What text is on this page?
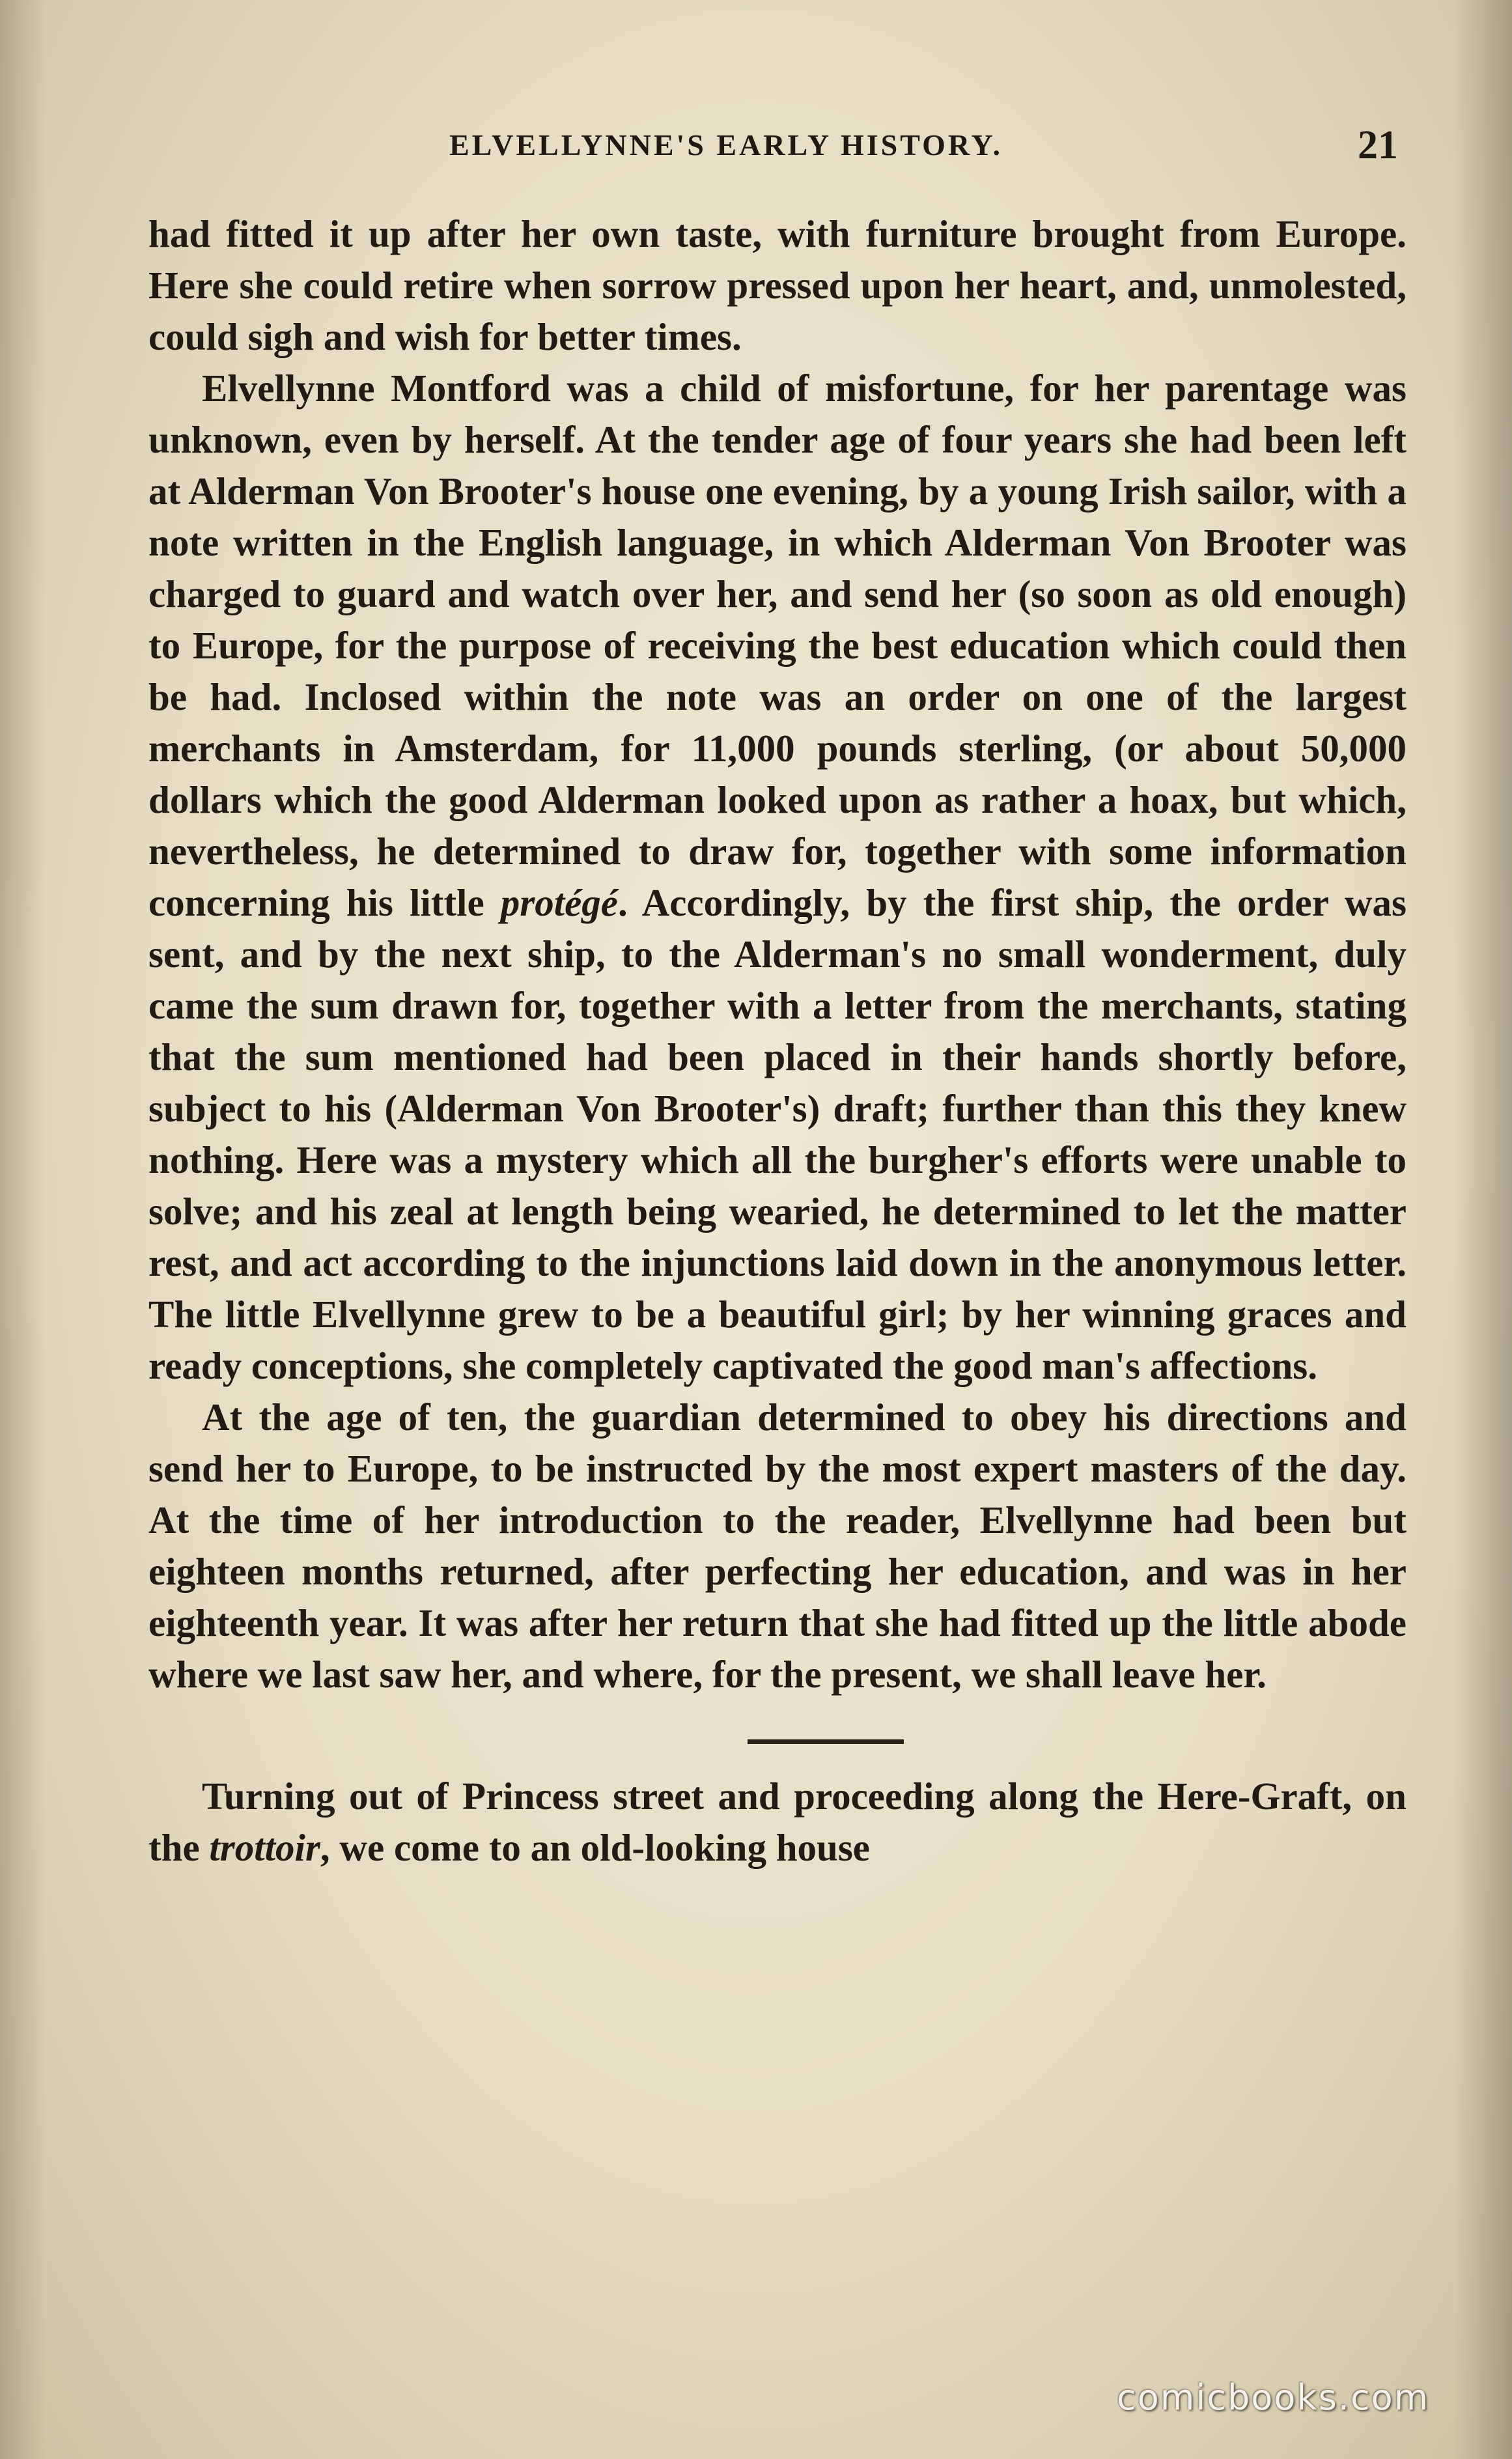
ELVELLYNNE'S EARLY HISTORY.	21

had fitted it up after her own taste, with furniture brought from Europe. Here she could retire when sorrow pressed upon her heart, and, unmolested, could sigh and wish for better times.

Elvellynne Montford was a child of misfortune, for her parentage was unknown, even by herself. At the tender age of four years she had been left at Alderman Von Brooter's house one evening, by a young Irish sailor, with a note written in the English language, in which Alderman Von Brooter was charged to guard and watch over her, and send her (so soon as old enough) to Europe, for the purpose of receiving the best education which could then be had. Inclosed within the note was an order on one of the largest merchants in Amsterdam, for 11,000 pounds sterling, (or about 50,000 dollars which the good Alderman looked upon as rather a hoax, but which, nevertheless, he determined to draw for, together with some information concerning his little protégé. Accordingly, by the first ship, the order was sent, and by the next ship, to the Alderman's no small wonderment, duly came the sum drawn for, together with a letter from the merchants, stating that the sum mentioned had been placed in their hands shortly before, subject to his (Alderman Von Brooter's) draft; further than this they knew nothing. Here was a mystery which all the burgher's efforts were unable to solve; and his zeal at length being wearied, he determined to let the matter rest, and act according to the injunctions laid down in the anonymous letter. The little Elvellynne grew to be a beautiful girl; by her winning graces and ready conceptions, she completely captivated the good man's affections.

At the age of ten, the guardian determined to obey his directions and send her to Europe, to be instructed by the most expert masters of the day. At the time of her introduction to the reader, Elvellynne had been but eighteen months returned, after perfecting her education, and was in her eighteenth year. It was after her return that she had fitted up the little abode where we last saw her, and where, for the present, we shall leave her.

Turning out of Princess street and proceeding along the Here-Graft, on the trottoir, we come to an old-looking house

comicbooks.com
